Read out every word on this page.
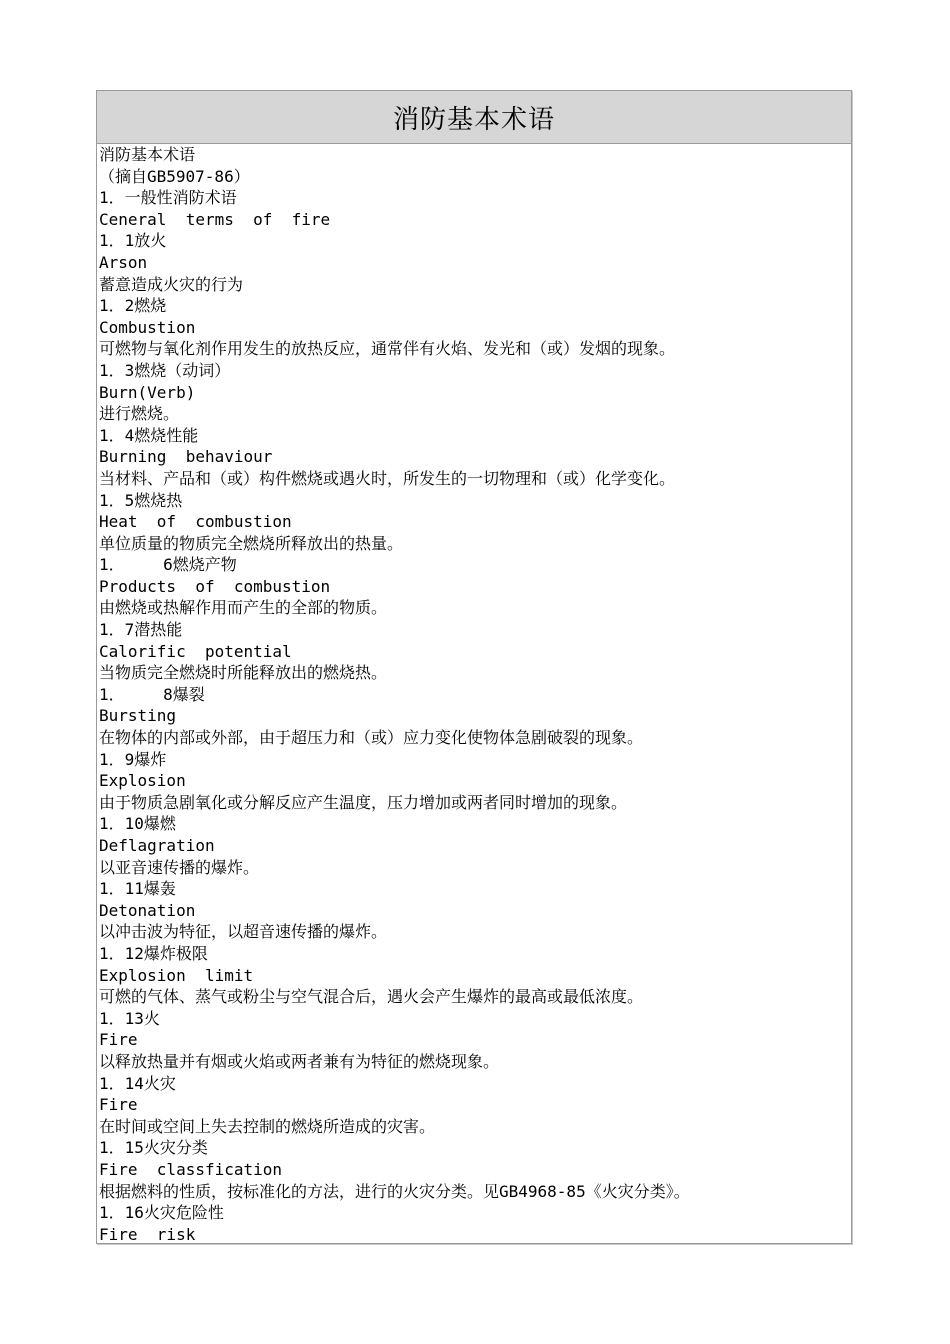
消防基本术语
消防基本术语
（摘自GB5907-86）
1．一般性消防术语
Ceneral  terms  of  fire
1．1放火
Arson
蓄意造成火灾的行为
1．2燃烧
Combustion
可燃物与氧化剂作用发生的放热反应，通常伴有火焰、发光和（或）发烟的现象。
1．3燃烧（动词）
Burn(Verb)
进行燃烧。
1．4燃烧性能
Burning  behaviour
当材料、产品和（或）构件燃烧或遇火时，所发生的一切物理和（或）化学变化。
1．5燃烧热
Heat  of  combustion
单位质量的物质完全燃烧所释放出的热量。
1．    6燃烧产物
Products  of  combustion
由燃烧或热解作用而产生的全部的物质。
1．7潜热能
Calorific  potential
当物质完全燃烧时所能释放出的燃烧热。
1．    8爆裂
Bursting
在物体的内部或外部，由于超压力和（或）应力变化使物体急剧破裂的现象。
1．9爆炸
Explosion
由于物质急剧氧化或分解反应产生温度，压力增加或两者同时增加的现象。
1．10爆燃
Deflagration
以亚音速传播的爆炸。
1．11爆轰
Detonation
以冲击波为特征，以超音速传播的爆炸。
1．12爆炸极限
Explosion  limit
可燃的气体、蒸气或粉尘与空气混合后，遇火会产生爆炸的最高或最低浓度。
1．13火
Fire
以释放热量并有烟或火焰或两者兼有为特征的燃烧现象。
1．14火灾
Fire
在时间或空间上失去控制的燃烧所造成的灾害。
1．15火灾分类
Fire  classfication
根据燃料的性质，按标准化的方法，进行的火灾分类。见GB4968-85《火灾分类》。
1．16火灾危险性
Fire  risk
